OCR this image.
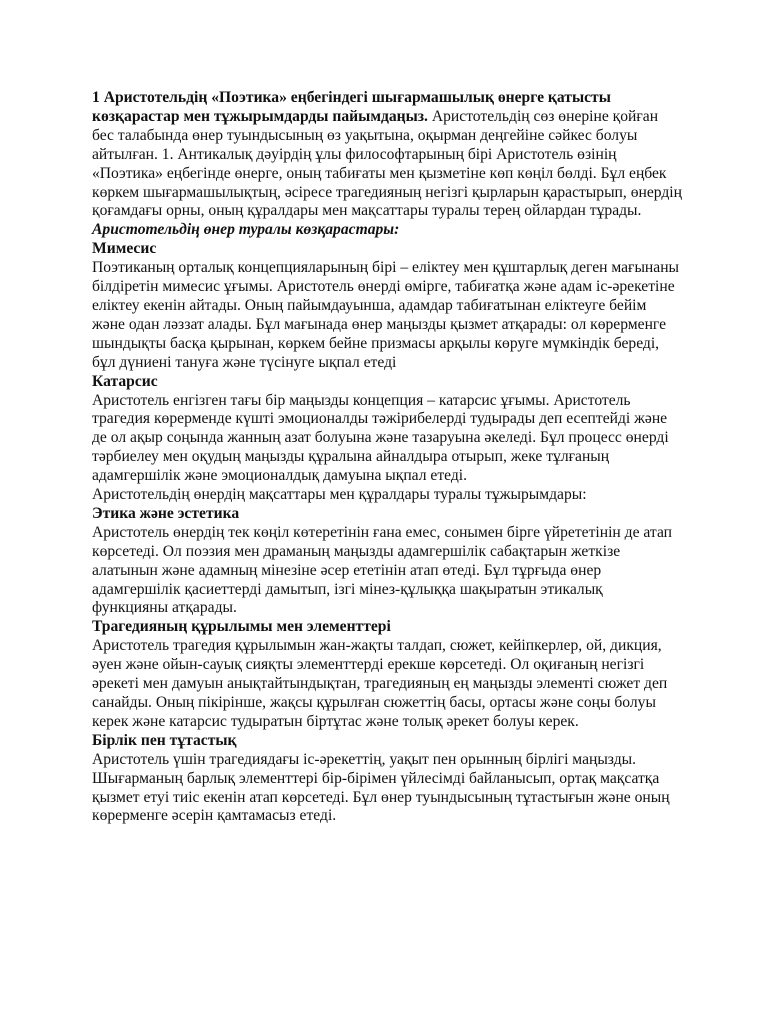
1 Аристотельдің «Поэтика» еңбегіндегі шығармашылық өнерге қатысты көзқарастар мен тұжырымдарды пайымдаңыз. Аристотельдің сөз өнеріне қойған бес талабында өнер туындысының өз уақытына, оқырман деңгейіне сәйкес болуы айтылған. 1. Антикалық дәуірдің ұлы философтарының бірі Аристотель өзінің «Поэтика» еңбегінде өнерге, оның табиғаты мен қызметіне көп көңіл бөлді. Бұл еңбек көркем шығармашылықтың, әсіресе трагедияның негізгі қырларын қарастырып, өнердің қоғамдағы орны, оның құралдары мен мақсаттары туралы терең ойлардан тұрады.

Аристотельдің өнер туралы көзқарастары:
Мимесис

Поэтиканың орталық концепцияларының бірі – еліктеу мен құштарлық деген мағынаны білдіретін мимесис ұғымы. Аристотель өнерді өмірге, табиғатқа және адам іс-әрекетіне еліктеу екенін айтады. Оның пайымдауынша, адамдар табиғатынан еліктеуге бейім және одан ләззат алады. Бұл мағынада өнер маңызды қызмет атқарады: ол көрерменге шындықты басқа қырынан, көркем бейне призмасы арқылы көруге мүмкіндік береді, бұл дүниені тануға және түсінуге ықпал етеді

Катарсис

Аристотель енгізген тағы бір маңызды концепция – катарсис ұғымы. Аристотель трагедия көрерменде күшті эмоционалды тәжірибелерді тудырады деп есептейді және де ол ақыр соңында жанның азат болуына және тазаруына әкеледі. Бұл процесс өнерді тәрбиелеу мен оқудың маңызды құралына айналдыра отырып, жеке тұлғаның адамгершілік және эмоционалдық дамуына ықпал етеді.

Аристотельдің өнердің мақсаттары мен құралдары туралы тұжырымдары:

Этика және эстетика

Аристотель өнердің тек көңіл көтеретінін ғана емес, сонымен бірге үйрететінін де атап көрсетеді. Ол поэзия мен драманың маңызды адамгершілік сабақтарын жеткізе алатынын және адамның мінезіне әсер ететінін атап өтеді. Бұл тұрғыда өнер адамгершілік қасиеттерді дамытып, ізгі мінез-құлыққа шақыратын этикалық функцияны атқарады.

Трагедияның құрылымы мен элементтері

Аристотель трагедия құрылымын жан-жақты талдап, сюжет, кейіпкерлер, ой, дикция, әуен және ойын-сауық сияқты элементтерді ерекше көрсетеді. Ол оқиғаның негізгі әрекеті мен дамуын анықтайтындықтан, трагедияның ең маңызды элементі сюжет деп санайды. Оның пікірінше, жақсы құрылған сюжеттің басы, ортасы және соңы болуы керек және катарсис тудыратын біртұтас және толық әрекет болуы керек.

Бірлік пен тұтастық

Аристотель үшін трагедиядағы іс-әрекеттің, уақыт пен орынның бірлігі маңызды. Шығарманың барлық элементтері бір-бірімен үйлесімді байланысып, ортақ мақсатқа қызмет етуі тиіс екенін атап көрсетеді. Бұл өнер туындысының тұтастығын және оның көрерменге әсерін қамтамасыз етеді.
